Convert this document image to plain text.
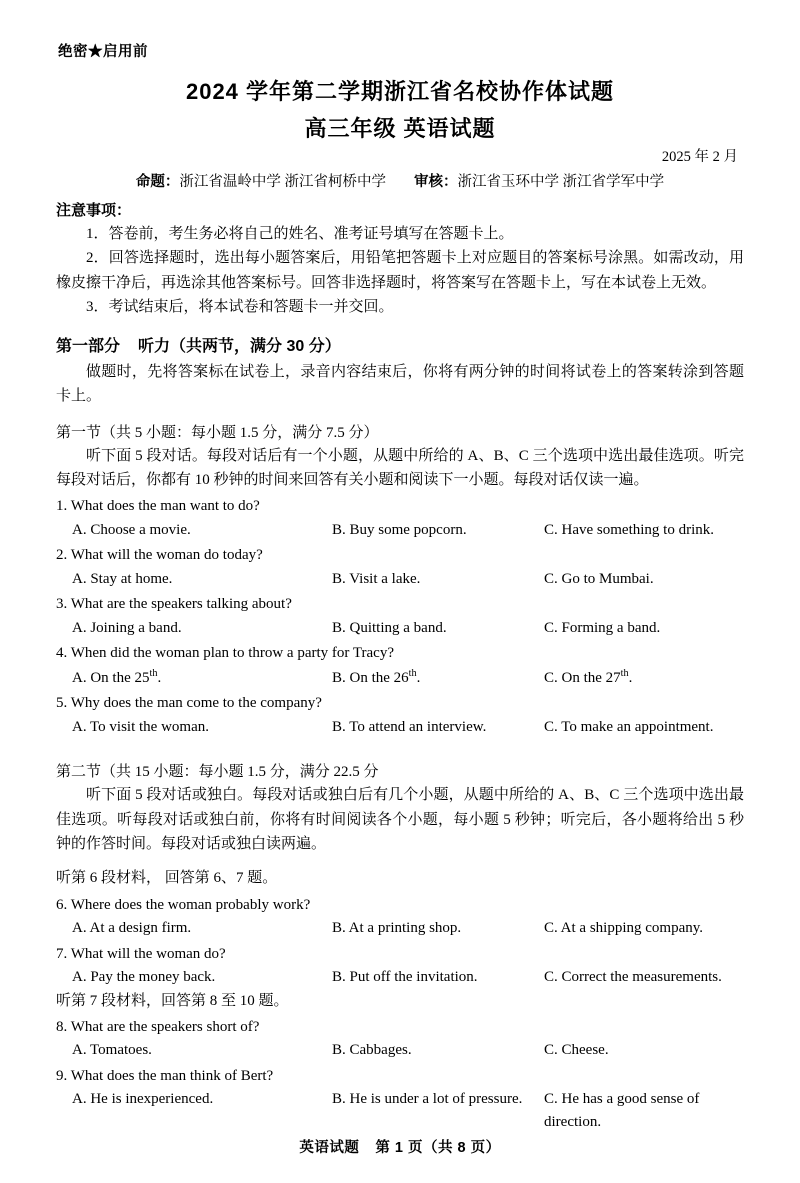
绝密★启用前
2024 学年第二学期浙江省名校协作体试题
高三年级 英语试题
2025 年 2 月
命题：浙江省温岭中学 浙江省柯桥中学 审核：浙江省玉环中学 浙江省学军中学
注意事项：

1．答卷前，考生务必将自己的姓名、准考证号填写在答题卡上。

2．回答选择题时，选出每小题答案后，用铅笔把答题卡上对应题目的答案标号涂黑。如需改动，用橡皮擦干净后，再选涂其他答案标号。回答非选择题时，将答案写在答题卡上，写在本试卷上无效。

3．考试结束后，将本试卷和答题卡一并交回。

第一部分 听力（共两节，满分 30 分）

做题时，先将答案标在试卷上，录音内容结束后，你将有两分钟的时间将试卷上的答案转涂到答题卡上。

第一节（共 5 小题：每小题 1.5 分，满分 7.5 分）

听下面 5 段对话。每段对话后有一个小题，从题中所给的 A、B、C 三个选项中选出最佳选项。听完每段对话后，你都有 10 秒钟的时间来回答有关小题和阅读下一小题。每段对话仅读一遍。

1. What does the man want to do?
A. Choose a movie.	B. Buy some popcorn.	C. Have something to drink.
2. What will the woman do today?
A. Stay at home.	B. Visit a lake.	C. Go to Mumbai.
3. What are the speakers talking about?
A. Joining a band.	B. Quitting a band.	C. Forming a band.
4. When did the woman plan to throw a party for Tracy?
A. On the 25th.	B. On the 26th.	C. On the 27th.
5. Why does the man come to the company?
A. To visit the woman.	B. To attend an interview.	C. To make an appointment.
第二节（共 15 小题：每小题 1.5 分，满分 22.5 分

听下面 5 段对话或独白。每段对话或独白后有几个小题，从题中所给的 A、B、C 三个选项中选出最佳选项。听每段对话或独白前，你将有时间阅读各个小题，每小题 5 秒钟；听完后，各小题将给出 5 秒钟的作答时间。每段对话或独白读两遍。

听第 6 段材料， 回答第 6、7 题。
6. Where does the woman probably work?
A. At a design firm.	B. At a printing shop.	C. At a shipping company.
7. What will the woman do?
A. Pay the money back.	B. Put off the invitation.	C. Correct the measurements.
听第 7 段材料，回答第 8 至 10 题。
8. What are the speakers short of?
A. Tomatoes.	B. Cabbages.	C. Cheese.
9. What does the man think of Bert?
A. He is inexperienced.	B. He is under a lot of pressure.	C. He has a good sense of direction.
英语试题 第 1 页（共 8 页）
